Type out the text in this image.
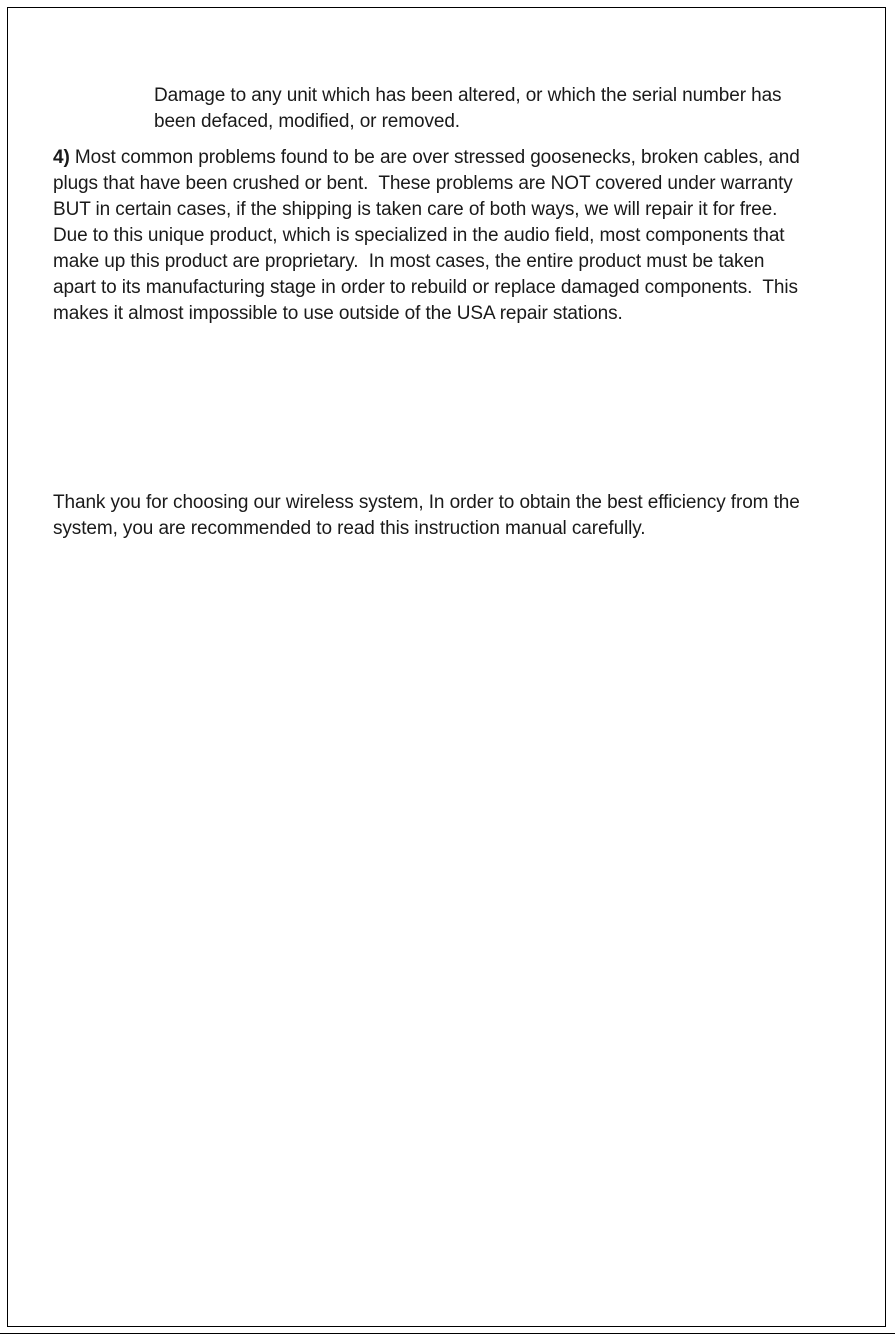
Damage to any unit which has been altered, or which the serial number has
been defaced, modified, or removed.
4) Most common problems found to be are over stressed goosenecks, broken cables, and
plugs that have been crushed or bent.  These problems are NOT covered under warranty
BUT in certain cases, if the shipping is taken care of both ways, we will repair it for free.
Due to this unique product, which is specialized in the audio field, most components that
make up this product are proprietary.  In most cases, the entire product must be taken
apart to its manufacturing stage in order to rebuild or replace damaged components.  This
makes it almost impossible to use outside of the USA repair stations.
Thank you for choosing our wireless system, In order to obtain the best efficiency from the
system, you are recommended to read this instruction manual carefully.
